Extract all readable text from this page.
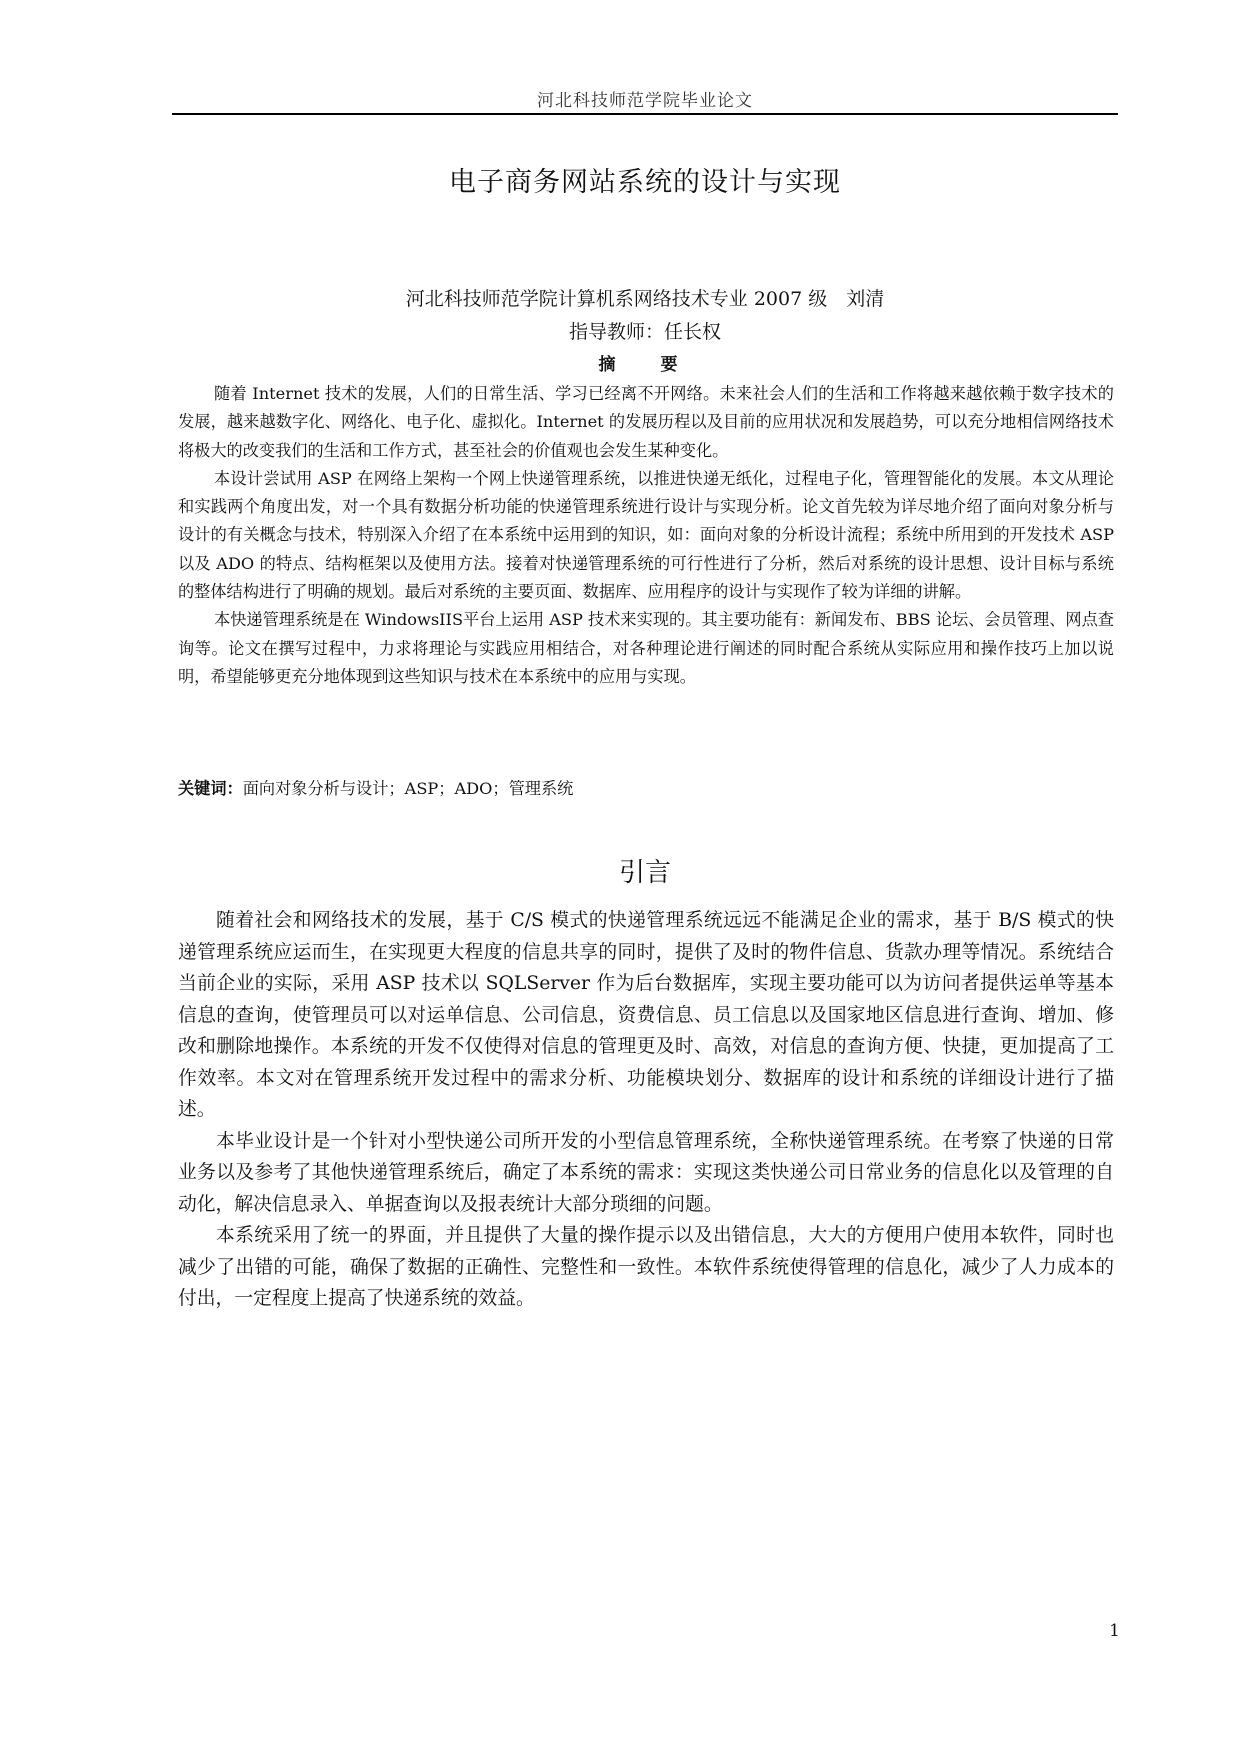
河北科技师范学院毕业论文
电子商务网站系统的设计与实现
河北科技师范学院计算机系网络技术专业 2007 级　刘清
指导教师：任长权
摘　要

随着 Internet 技术的发展，人们的日常生活、学习已经离不开网络。未来社会人们的生活和工作将越来越依赖于数字技术的发展，越来越数字化、网络化、电子化、虚拟化。Internet 的发展历程以及目前的应用状况和发展趋势，可以充分地相信网络技术将极大的改变我们的生活和工作方式，甚至社会的价值观也会发生某种变化。

本设计尝试用 ASP 在网络上架构一个网上快递管理系统，以推进快递无纸化，过程电子化，管理智能化的发展。本文从理论和实践两个角度出发，对一个具有数据分析功能的快递管理系统进行设计与实现分析。论文首先较为详尽地介绍了面向对象分析与设计的有关概念与技术，特别深入介绍了在本系统中运用到的知识，如：面向对象的分析设计流程；系统中所用到的开发技术 ASP 以及 ADO 的特点、结构框架以及使用方法。接着对快递管理系统的可行性进行了分析，然后对系统的设计思想、设计目标与系统的整体结构进行了明确的规划。最后对系统的主要页面、数据库、应用程序的设计与实现作了较为详细的讲解。

本快递管理系统是在 WindowsIIS平台上运用 ASP 技术来实现的。其主要功能有：新闻发布、BBS 论坛、会员管理、网点查询等。论文在撰写过程中，力求将理论与实践应用相结合，对各种理论进行阐述的同时配合系统从实际应用和操作技巧上加以说明，希望能够更充分地体现到这些知识与技术在本系统中的应用与实现。

关键词：面向对象分析与设计；ASP；ADO；管理系统
引言

随着社会和网络技术的发展，基于 C/S 模式的快递管理系统远远不能满足企业的需求，基于 B/S 模式的快递管理系统应运而生，在实现更大程度的信息共享的同时，提供了及时的物件信息、货款办理等情况。系统结合当前企业的实际，采用 ASP 技术以 SQLServer 作为后台数据库，实现主要功能可以为访问者提供运单等基本信息的查询，使管理员可以对运单信息、公司信息，资费信息、员工信息以及国家地区信息进行查询、增加、修改和删除地操作。本系统的开发不仅使得对信息的管理更及时、高效，对信息的查询方便、快捷，更加提高了工作效率。本文对在管理系统开发过程中的需求分析、功能模块划分、数据库的设计和系统的详细设计进行了描述。

本毕业设计是一个针对小型快递公司所开发的小型信息管理系统，全称快递管理系统。在考察了快递的日常业务以及参考了其他快递管理系统后，确定了本系统的需求：实现这类快递公司日常业务的信息化以及管理的自动化，解决信息录入、单据查询以及报表统计大部分琐细的问题。

本系统采用了统一的界面，并且提供了大量的操作提示以及出错信息，大大的方便用户使用本软件，同时也减少了出错的可能，确保了数据的正确性、完整性和一致性。本软件系统使得管理的信息化，减少了人力成本的付出，一定程度上提高了快递系统的效益。

1
